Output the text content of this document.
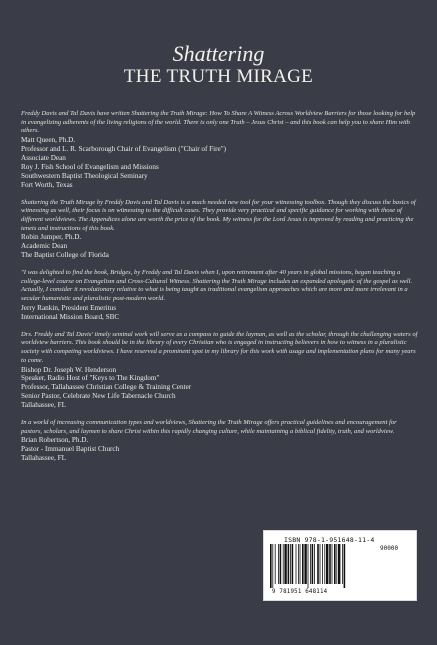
Shattering
THE TRUTH MIRAGE
Freddy Davis and Tal Davis have written Shattering the Truth Mirage: How To Share A Witness Across Worldview Barriers for those looking for help in evangelizing adherents of the living religions of the world. There is only one Truth – Jesus Christ – and this book can help you to share Him with others.
Matt Queen, Ph.D.
Professor and L. R. Scarborough Chair of Evangelism ("Chair of Fire")
Associate Dean
Roy J. Fish School of Evangelism and Missions
Southwestern Baptist Theological Seminary
Fort Worth, Texas
Shattering the Truth Mirage by Freddy Davis and Tal Davis is a much needed new tool for your witnessing toolbox. Though they discuss the basics of witnessing as well, their focus is on witnessing to the difficult cases. They provide very practical and specific guidance for working with those of different worldviews. The Appendices alone are worth the price of the book. My witness for the Lord Jesus is improved by reading and practicing the tenets and instructions of this book.
Robin Jumper, Ph.D.
Academic Dean
The Baptist College of Florida
"I was delighted to find the book, Bridges, by Freddy and Tal Davis when I, upon retirement after 40 years in global missions, began teaching a college-level course on Evangelism and Cross-Cultural Witness. Shattering the Truth Mirage includes an expanded apologetic of the gospel as well. Actually, I consider it revolutionary relative to what is being taught as traditional evangelism approaches which are more and more irrelevant in a secular humanistic and pluralistic post-modern world.
Jerry Rankin, President Emeritus
International Mission Board, SBC
Drs. Freddy and Tal Davis' timely seminal work will serve as a compass to guide the layman, as well as the scholar, through the challenging waters of worldview barriers. This book should be in the library of every Christian who is engaged in instructing believers in how to witness in a pluralistic society with competing worldviews. I have reserved a prominent spot in my library for this work with usage and implementation plans for many years to come.
Bishop Dr. Joseph W. Henderson
Speaker, Radio Host of "Keys to The Kingdom"
Professor, Tallahassee Christian College & Training Center
Senior Pastor, Celebrate New Life Tabernacle Church
Tallahassee, FL
In a world of increasing communication types and worldviews, Shattering the Truth Mirage offers practical guidelines and encouragement for pastors, scholars, and laymen to share Christ within this rapidly changing culture, while maintaining a biblical fidelity, truth, and worldview.
Brian Robertson, Ph.D.
Pastor - Immanuel Baptist Church
Tallahassee, FL
ISBN 978-1-951648-11-4
90000
9 781951 648114
